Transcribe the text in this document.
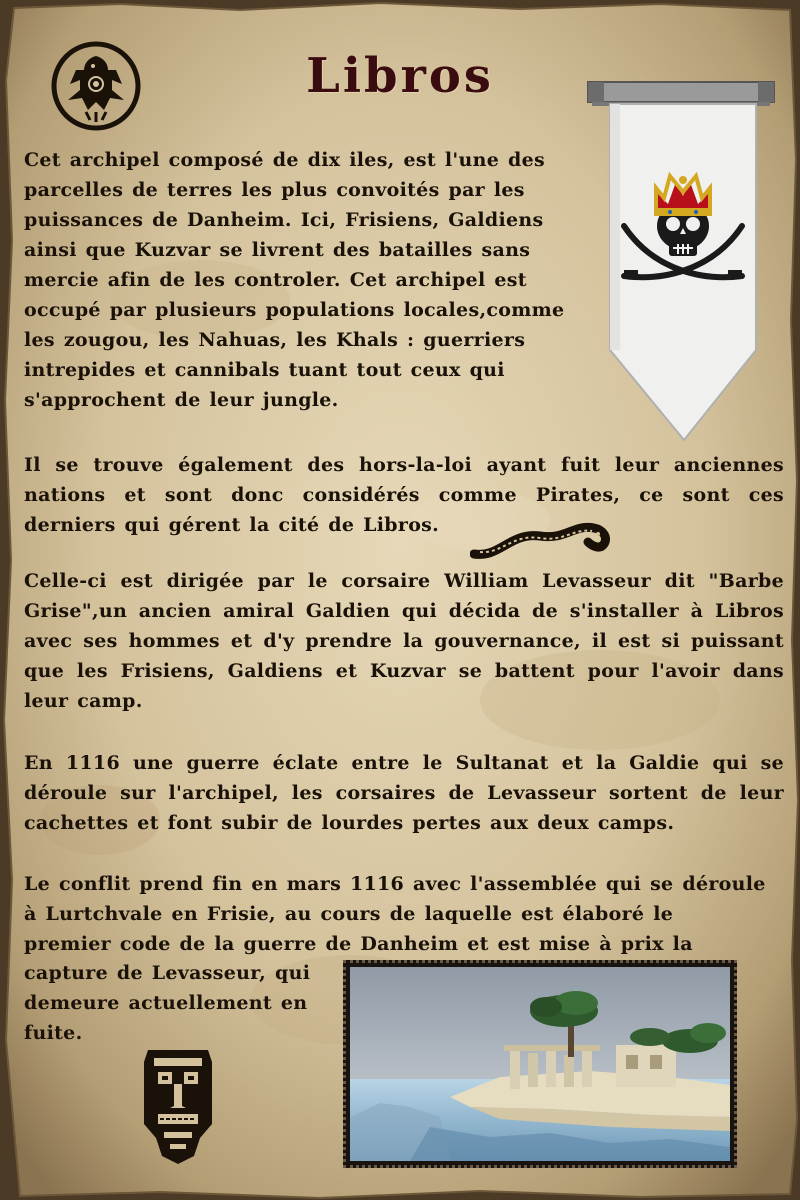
Libros

Cet archipel composé de dix iles, est l'une des parcelles de terres les plus convoités par les puissances de Danheim. Ici, Frisiens, Galdiens ainsi que Kuzvar se livrent des batailles sans mercie afin de les controler. Cet archipel est occupé par plusieurs populations locales,comme les zougou, les Nahuas, les Khals : guerriers intrepides et cannibals tuant tout ceux qui s'approchent de leur jungle.

Il se trouve également des hors-la-loi ayant fuit leur anciennes nations et sont donc considérés comme Pirates, ce sont ces derniers qui gérent la cité de Libros.

Celle-ci est dirigée par le corsaire William Levasseur dit "Barbe Grise",un ancien amiral Galdien qui décida de s'installer à Libros avec ses hommes et d'y prendre la gouvernance, il est si puissant que les Frisiens, Galdiens et Kuzvar se battent pour l'avoir dans leur camp.

En 1116 une guerre éclate entre le Sultanat et la Galdie qui se déroule sur l'archipel, les corsaires de Levasseur sortent de leur cachettes et font subir de lourdes pertes aux deux camps.

Le conflit prend fin en mars 1116 avec l'assemblée qui se déroule
à Lurtchvale en Frisie, au cours de laquelle est élaboré le
premier code de la guerre de Danheim et est mise à prix la

capture de Levasseur, qui demeure actuellement en fuite.
